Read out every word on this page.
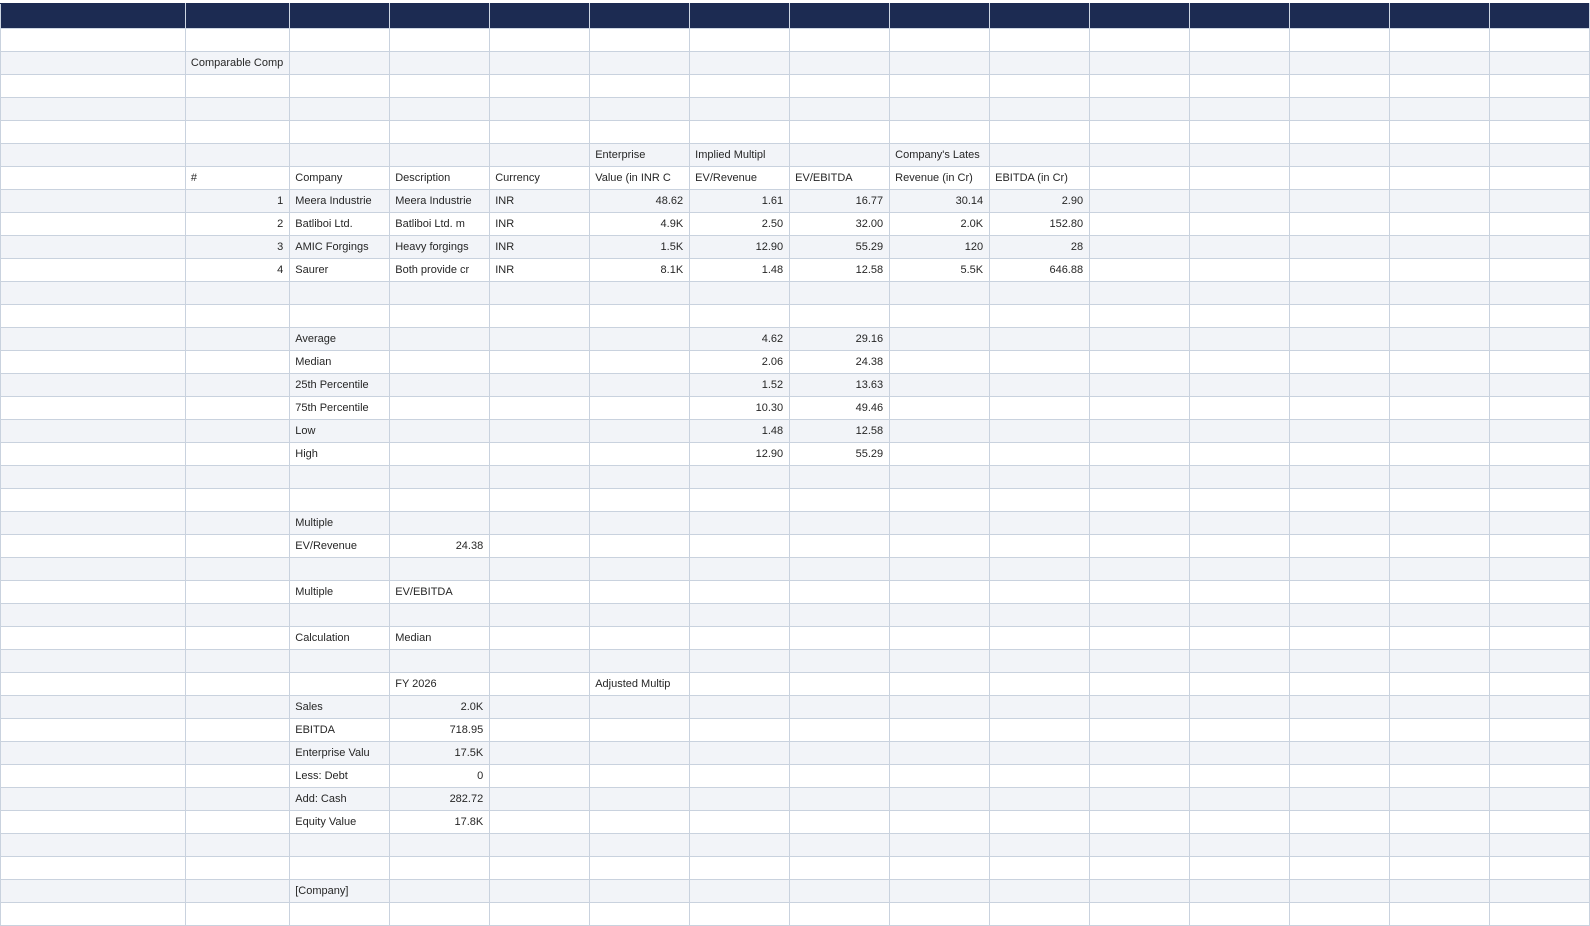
	Comparable Comp													

					Enterprise	Implied Multipl		Company's Lates						
	#	Company	Description	Currency	Value (in INR C	EV/Revenue	EV/EBITDA	Revenue (in Cr)	EBITDA (in Cr)					
	1	Meera Industrie	Meera Industrie	INR	48.62	1.61	16.77	30.14	2.90					
	2	Batliboi Ltd.	Batliboi Ltd. m	INR	4.9K	2.50	32.00	2.0K	152.80					
	3	AMIC Forgings	Heavy forgings	INR	1.5K	12.90	55.29	120	28					
	4	Saurer	Both provide cr	INR	8.1K	1.48	12.58	5.5K	646.88					

		Average				4.62	29.16							
		Median				2.06	24.38							
		25th Percentile				1.52	13.63							
		75th Percentile				10.30	49.46							
		Low				1.48	12.58							
		High				12.90	55.29							

		Multiple												
		EV/Revenue	24.38											

		Multiple	EV/EBITDA											

		Calculation	Median											

			FY 2026		Adjusted Multip									
		Sales	2.0K											
		EBITDA	718.95											
		Enterprise Valu	17.5K											
		Less: Debt	0											
		Add: Cash	282.72											
		Equity Value	17.8K											

		[Company]												
